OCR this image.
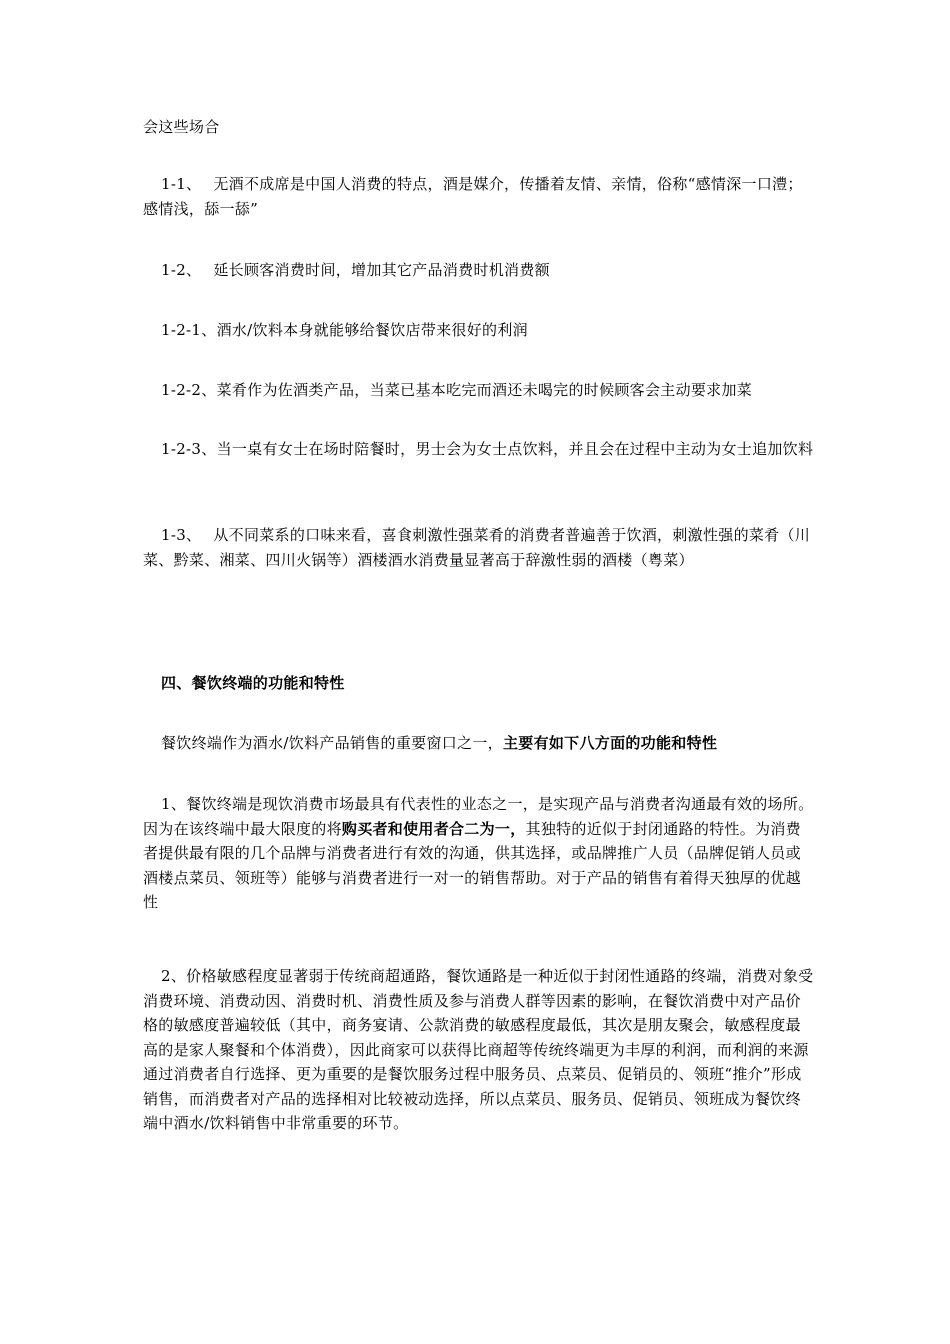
会这些场合

1-1、 无酒不成席是中国人消费的特点，酒是媒介，传播着友情、亲情，俗称“感情深一口澧；感情浅，舔一舔”

1-2、 延长顾客消费时间，增加其它产品消费时机消费额

1-2-1、酒水/饮料本身就能够给餐饮店带来很好的利润

1-2-2、菜肴作为佐酒类产品，当菜已基本吃完而酒还未喝完的时候顾客会主动要求加菜

1-2-3、当一桌有女士在场时陪餐时，男士会为女士点饮料，并且会在过程中主动为女士追加饮料

1-3、 从不同菜系的口味来看，喜食刺激性强菜肴的消费者普遍善于饮酒，刺激性强的菜肴（川菜、黔菜、湘菜、四川火锅等）酒楼酒水消费量显著高于辞激性弱的酒楼（粤菜）

四、餐饮终端的功能和特性

餐饮终端作为酒水/饮料产品销售的重要窗口之一，主要有如下八方面的功能和特性

1、餐饮终端是现饮消费市场最具有代表性的业态之一，是实现产品与消费者沟通最有效的场所。因为在该终端中最大限度的将购买者和使用者合二为一，其独特的近似于封闭通路的特性。为消费者提供最有限的几个品牌与消费者进行有效的沟通，供其选择，或品牌推广人员（品牌促销人员或酒楼点菜员、领班等）能够与消费者进行一对一的销售帮助。对于产品的销售有着得天独厚的优越性

2、价格敏感程度显著弱于传统商超通路，餐饮通路是一种近似于封闭性通路的终端，消费对象受消费环境、消费动因、消费时机、消费性质及参与消费人群等因素的影响，在餐饮消费中对产品价格的敏感度普遍较低（其中，商务宴请、公款消费的敏感程度最低，其次是朋友聚会，敏感程度最高的是家人聚餐和个体消费），因此商家可以获得比商超等传统终端更为丰厚的利润，而利润的来源通过消费者自行选择、更为重要的是餐饮服务过程中服务员、点菜员、促销员的、领班“推介”形成销售，而消费者对产品的选择相对比较被动选择，所以点菜员、服务员、促销员、领班成为餐饮终端中酒水/饮料销售中非常重要的环节。
